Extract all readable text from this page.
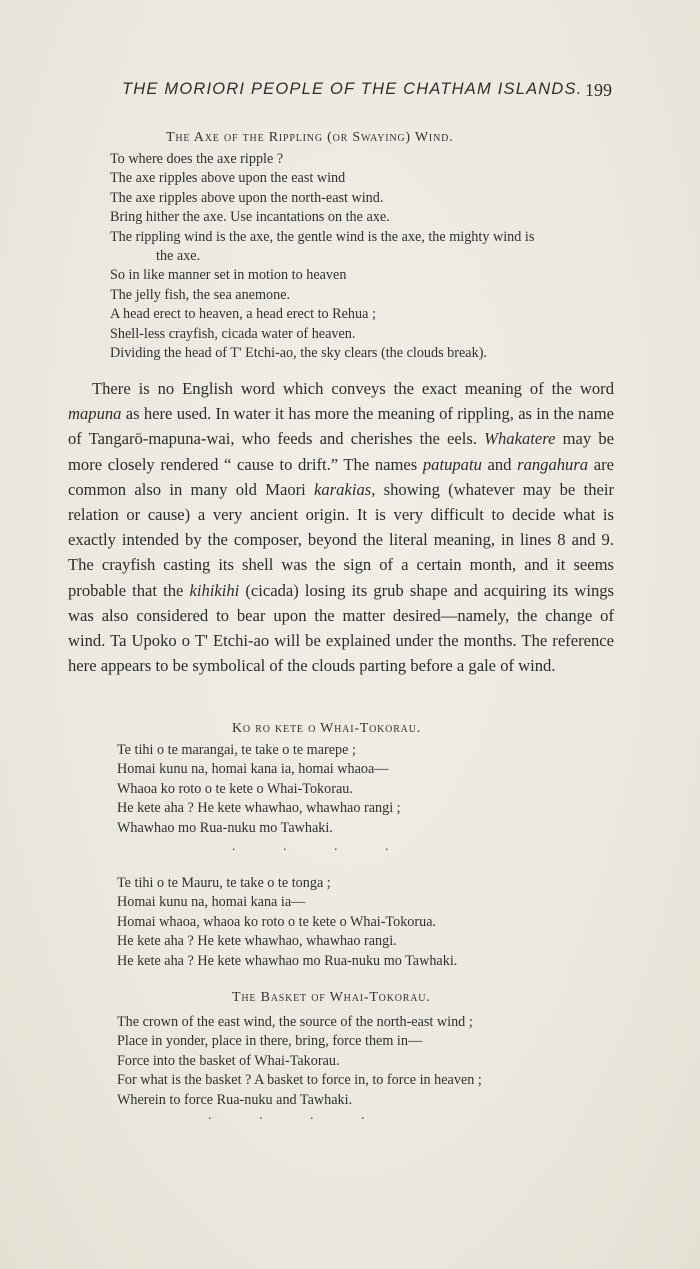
THE MORIORI PEOPLE OF THE CHATHAM ISLANDS. 199
The Axe of the Rippling (or Swaying) Wind.
To where does the axe ripple ?
The axe ripples above upon the east wind
The axe ripples above upon the north-east wind.
Bring hither the axe. Use incantations on the axe.
The rippling wind is the axe, the gentle wind is the axe, the mighty wind is
the axe.
So in like manner set in motion to heaven
The jelly fish, the sea anemone.
A head erect to heaven, a head erect to Rehua ;
Shell-less crayfish, cicada water of heaven.
Dividing the head of T' Etchi-ao, the sky clears (the clouds break).

There is no English word which conveys the exact meaning of the word mapuna as here used. In water it has more the meaning of rippling, as in the name of Tangarō-mapuna-wai, who feeds and cherishes the eels. Whakatere may be more closely rendered “ cause to drift.” The names patupatu and rangahura are common also in many old Maori karakias, showing (whatever may be their relation or cause) a very ancient origin. It is very difficult to decide what is exactly intended by the composer, beyond the literal meaning, in lines 8 and 9. The crayfish casting its shell was the sign of a certain month, and it seems probable that the kihikihi (cicada) losing its grub shape and acquiring its wings was also considered to bear upon the matter desired—namely, the change of wind. Ta Upoko o T' Etchi-ao will be explained under the months. The reference here appears to be symbolical of the clouds parting before a gale of wind.

Ko ro kete o Whai-Tokorau.
Te tihi o te marangai, te take o te marepe ;
Homai kunu na, homai kana ia, homai whaoa—
Whaoa ko roto o te kete o Whai-Tokorau.
He kete aha ? He kete whawhao, whawhao rangi ;
Whawhao mo Rua-nuku mo Tawhaki.
. . . .
Te tihi o te Mauru, te take o te tonga ;
Homai kunu na, homai kana ia—
Homai whaoa, whaoa ko roto o te kete o Whai-Tokorua.
He kete aha ? He kete whawhao, whawhao rangi.
He kete aha ? He kete whawhao mo Rua-nuku mo Tawhaki.
The Basket of Whai-Tokorau.
The crown of the east wind, the source of the north-east wind ;
Place in yonder, place in there, bring, force them in—
Force into the basket of Whai-Takorau.
For what is the basket ? A basket to force in, to force in heaven ;
Wherein to force Rua-nuku and Tawhaki.
. . . .
